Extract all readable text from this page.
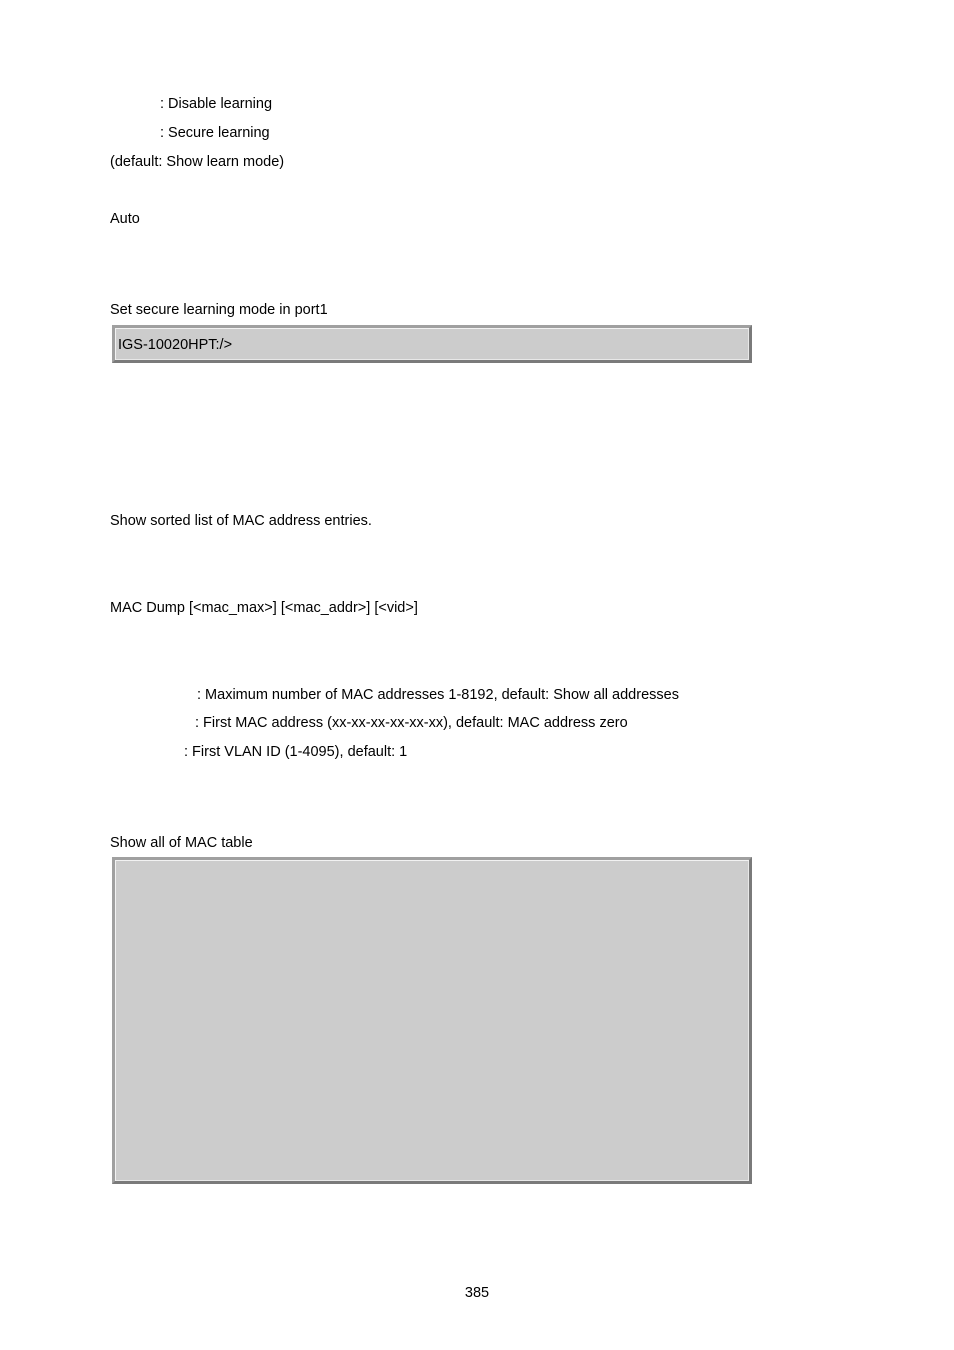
: Disable learning
: Secure learning
(default: Show learn mode)
Auto
Set secure learning mode in port1
IGS-10020HPT:/>
Show sorted list of MAC address entries.
MAC Dump [<mac_max>] [<mac_addr>] [<vid>]
: Maximum number of MAC addresses 1-8192, default: Show all addresses
: First MAC address (xx-xx-xx-xx-xx-xx), default: MAC address zero
: First VLAN ID (1-4095), default: 1
Show all of MAC table
385
